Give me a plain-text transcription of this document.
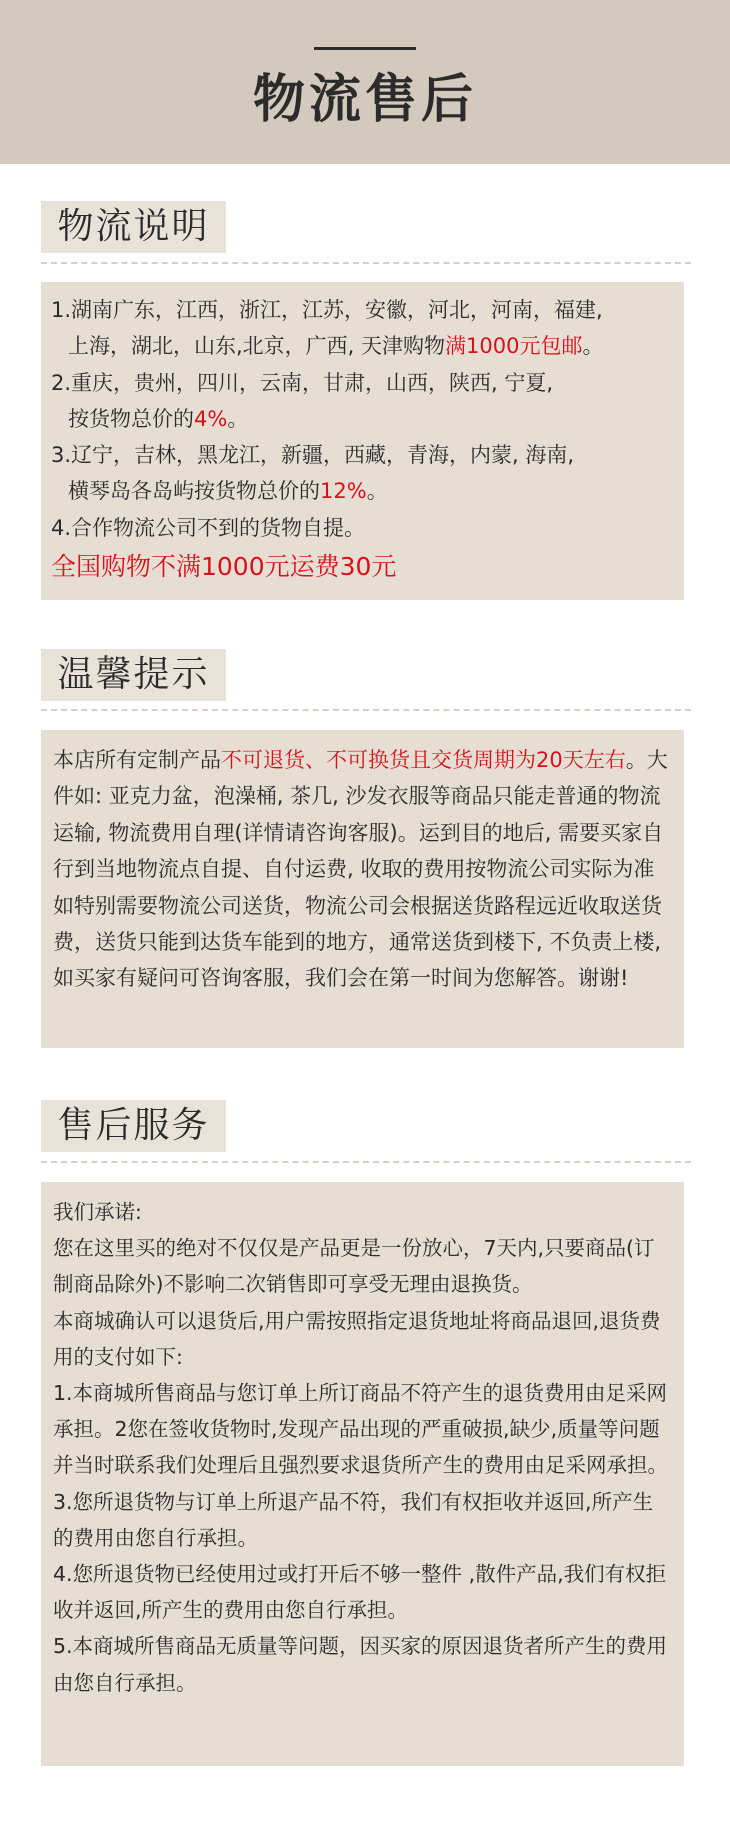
物流售后
物流说明

1.湖南广东，江西，浙江，江苏，安徽，河北，河南，福建,

上海，湖北，山东,北京，广西, 天津购物满1000元包邮。

2.重庆，贵州，四川，云南，甘肃，山西，陕西, 宁夏,

按货物总价的4%。

3.辽宁，吉林，黑龙江，新疆，西藏，青海，内蒙, 海南,

横琴岛各岛屿按货物总价的12%。

4.合作物流公司不到的货物自提。

全国购物不满1000元运费30元

温馨提示

本店所有定制产品不可退货、不可换货且交货周期为20天左右。大件如: 亚克力盆，泡澡桶, 茶几, 沙发衣服等商品只能走普通的物流运输, 物流费用自理(详情请咨询客服)。运到目的地后, 需要买家自行到当地物流点自提、自付运费, 收取的费用按物流公司实际为准如特别需要物流公司送货，物流公司会根据送货路程远近收取送货费，送货只能到达货车能到的地方，通常送货到楼下, 不负责上楼, 如买家有疑问可咨询客服，我们会在第一时间为您解答。谢谢!

售后服务

我们承诺:

您在这里买的绝对不仅仅是产品更是一份放心，7天内,只要商品(订制商品除外)不影响二次销售即可享受无理由退换货。

本商城确认可以退货后,用户需按照指定退货地址将商品退回,退货费用的支付如下:

1.本商城所售商品与您订单上所订商品不符产生的退货费用由足采网承担。2您在签收货物时,发现产品出现的严重破损,缺少,质量等问题并当时联系我们处理后且强烈要求退货所产生的费用由足采网承担。

3.您所退货物与订单上所退产品不符，我们有权拒收并返回,所产生的费用由您自行承担。

4.您所退货物已经使用过或打开后不够一整件 ,散件产品,我们有权拒收并返回,所产生的费用由您自行承担。

5.本商城所售商品无质量等问题，因买家的原因退货者所产生的费用由您自行承担。
